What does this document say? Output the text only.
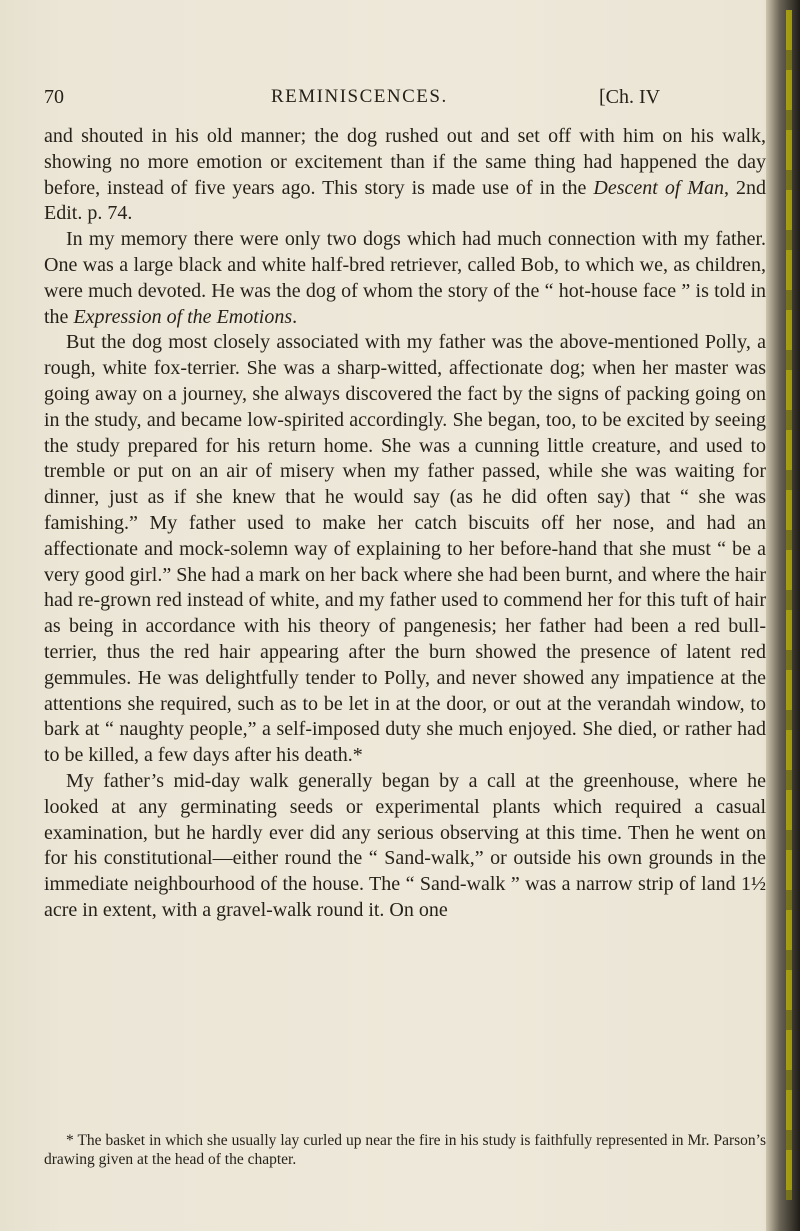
70	REMINISCENCES.	[Ch. IV

and shouted in his old manner; the dog rushed out and set off with him on his walk, showing no more emotion or excitement than if the same thing had happened the day before, instead of five years ago. This story is made use of in the Descent of Man, 2nd Edit. p. 74.

In my memory there were only two dogs which had much connection with my father. One was a large black and white half-bred retriever, called Bob, to which we, as children, were much devoted. He was the dog of whom the story of the “ hot-house face ” is told in the Expression of the Emotions.

But the dog most closely associated with my father was the above-mentioned Polly, a rough, white fox-terrier. She was a sharp-witted, affectionate dog; when her master was going away on a journey, she always discovered the fact by the signs of packing going on in the study, and became low-spirited accordingly. She began, too, to be excited by seeing the study prepared for his return home. She was a cunning little creature, and used to tremble or put on an air of misery when my father passed, while she was waiting for dinner, just as if she knew that he would say (as he did often say) that “ she was famishing.” My father used to make her catch biscuits off her nose, and had an affectionate and mock-solemn way of explaining to her before-hand that she must “ be a very good girl.” She had a mark on her back where she had been burnt, and where the hair had re-grown red instead of white, and my father used to commend her for this tuft of hair as being in accordance with his theory of pangenesis; her father had been a red bull-terrier, thus the red hair appearing after the burn showed the presence of latent red gemmules. He was delightfully tender to Polly, and never showed any impatience at the attentions she required, such as to be let in at the door, or out at the verandah window, to bark at “ naughty people,” a self-imposed duty she much enjoyed. She died, or rather had to be killed, a few days after his death.*

My father’s mid-day walk generally began by a call at the greenhouse, where he looked at any germinating seeds or experimental plants which required a casual examination, but he hardly ever did any serious observing at this time. Then he went on for his constitutional—either round the “ Sand-walk,” or outside his own grounds in the immediate neighbourhood of the house. The “ Sand-walk ” was a narrow strip of land 1½ acre in extent, with a gravel-walk round it. On one

* The basket in which she usually lay curled up near the fire in his study is faithfully represented in Mr. Parson’s drawing given at the head of the chapter.
